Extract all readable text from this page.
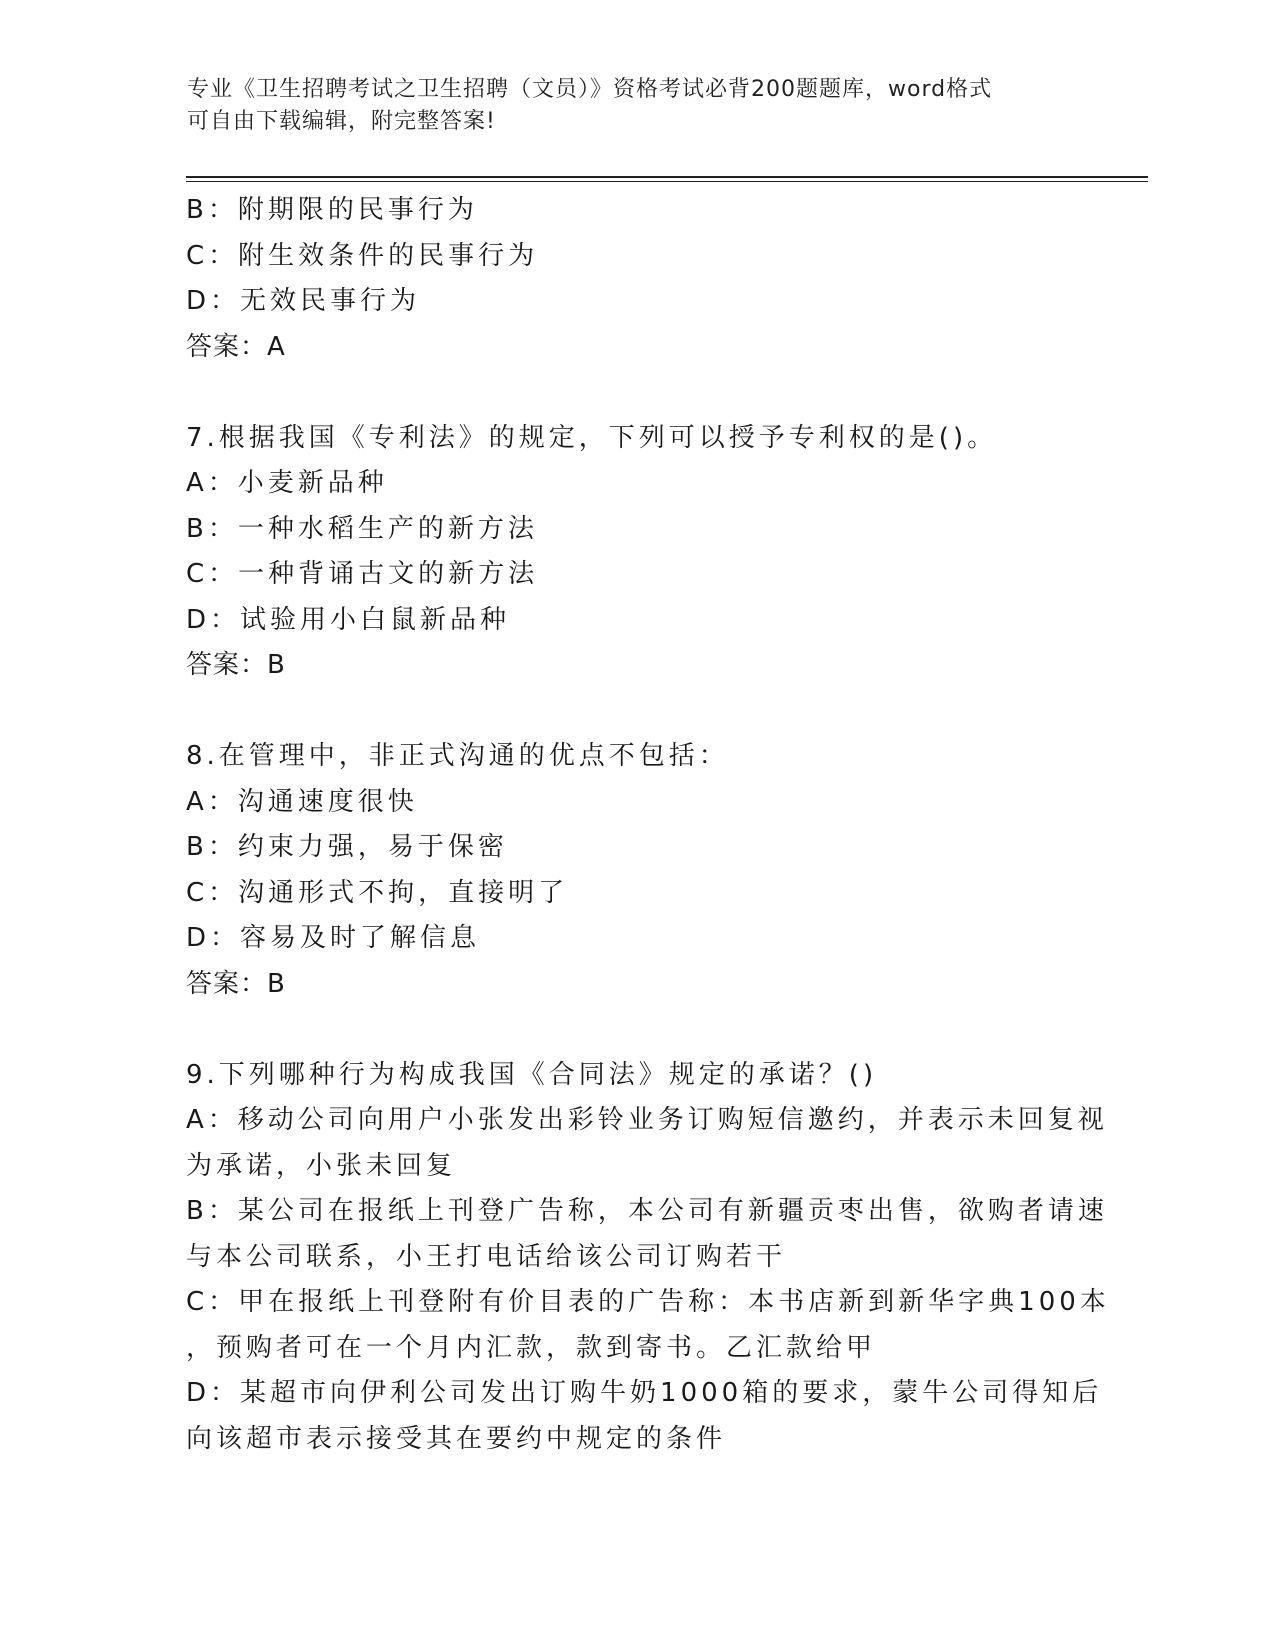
专业《卫生招聘考试之卫生招聘（文员）》资格考试必背200题题库，word格式
可自由下载编辑，附完整答案!
B：附期限的民事行为
C：附生效条件的民事行为
D：无效民事行为
答案：A
7.根据我国《专利法》的规定，下列可以授予专利权的是()。
A：小麦新品种
B：一种水稻生产的新方法
C：一种背诵古文的新方法
D：试验用小白鼠新品种
答案：B
8.在管理中，非正式沟通的优点不包括：
A：沟通速度很快
B：约束力强，易于保密
C：沟通形式不拘，直接明了
D：容易及时了解信息
答案：B
9.下列哪种行为构成我国《合同法》规定的承诺？()
A：移动公司向用户小张发出彩铃业务订购短信邀约，并表示未回复视
为承诺，小张未回复
B：某公司在报纸上刊登广告称，本公司有新疆贡枣出售，欲购者请速
与本公司联系，小王打电话给该公司订购若干
C：甲在报纸上刊登附有价目表的广告称：本书店新到新华字典100本
，预购者可在一个月内汇款，款到寄书。乙汇款给甲
D：某超市向伊利公司发出订购牛奶1000箱的要求，蒙牛公司得知后
向该超市表示接受其在要约中规定的条件
